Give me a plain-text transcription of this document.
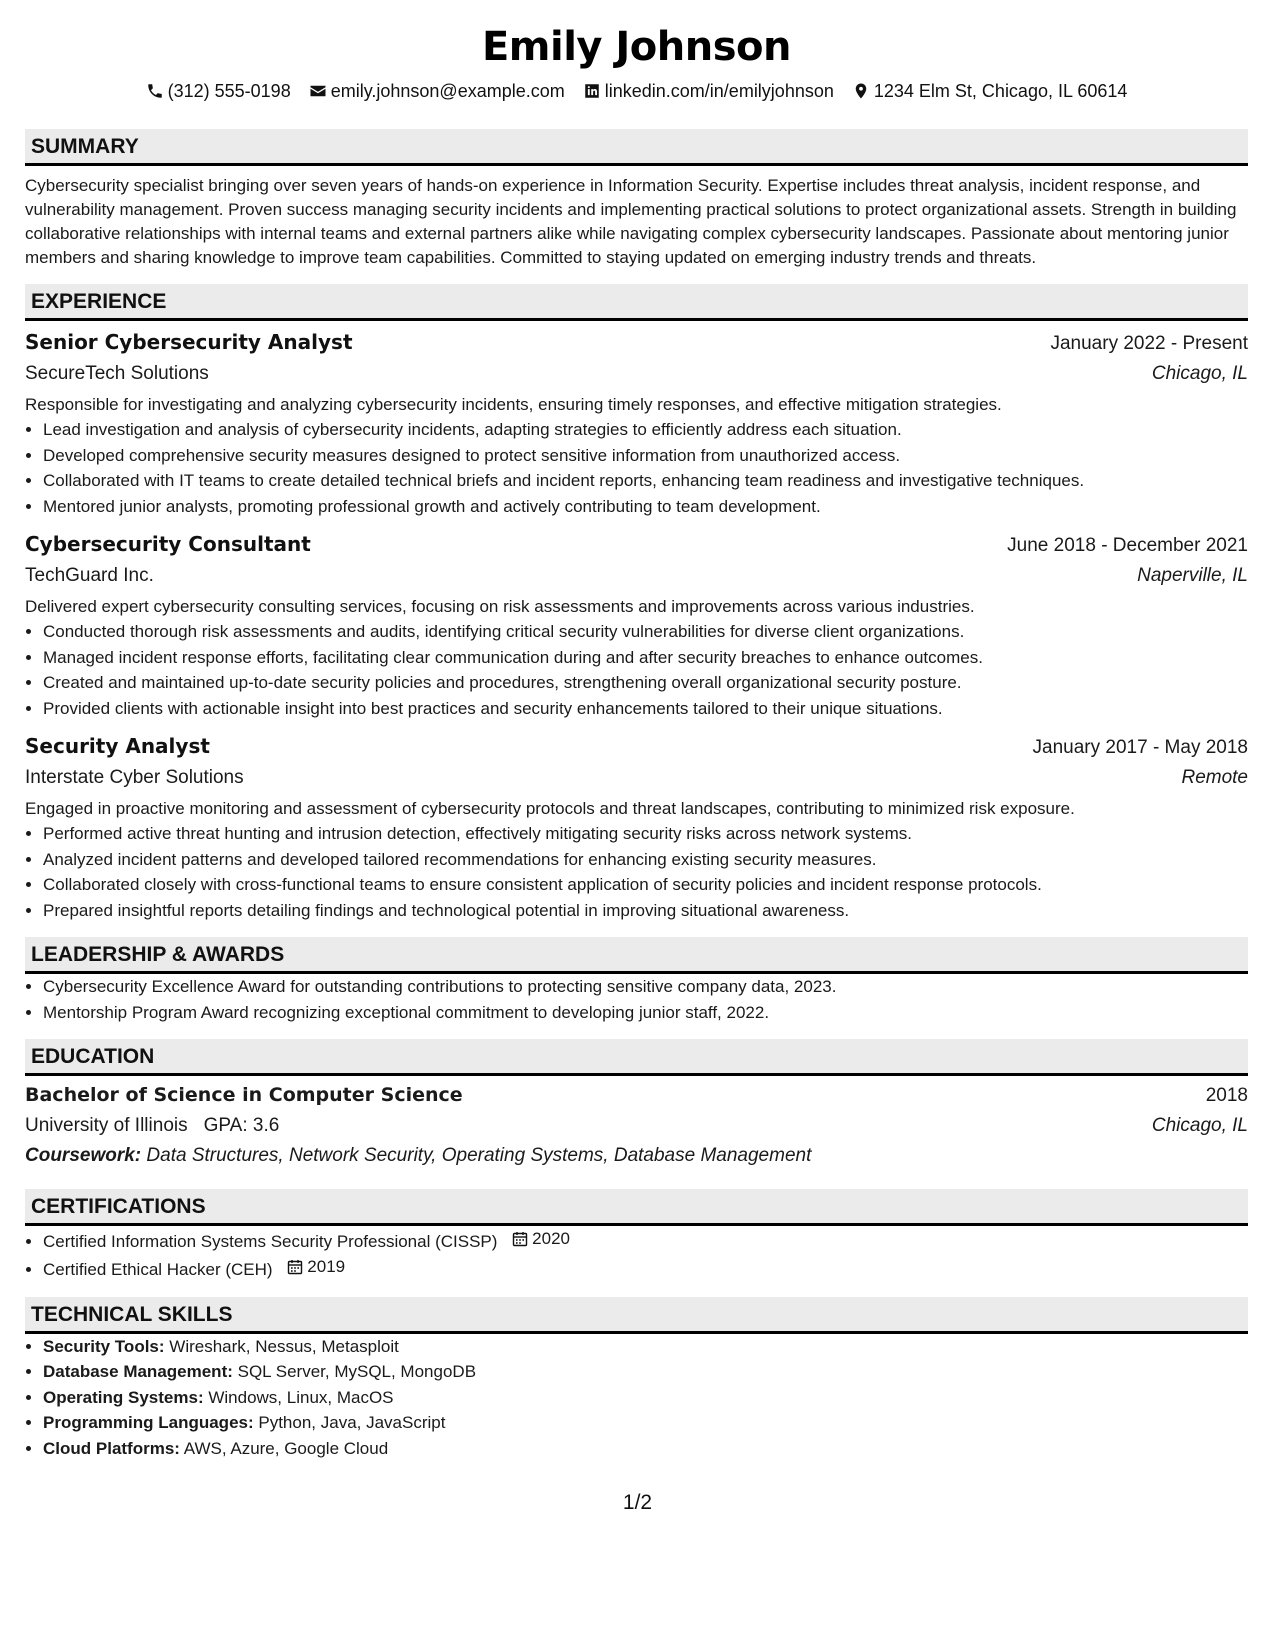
Emily Johnson
(312) 555-0198 emily.johnson@example.com linkedin.com/in/emilyjohnson 1234 Elm St, Chicago, IL 60614
SUMMARY
Cybersecurity specialist bringing over seven years of hands-on experience in Information Security. Expertise includes threat analysis, incident response, and vulnerability management. Proven success managing security incidents and implementing practical solutions to protect organizational assets. Strength in building collaborative relationships with internal teams and external partners alike while navigating complex cybersecurity landscapes. Passionate about mentoring junior members and sharing knowledge to improve team capabilities. Committed to staying updated on emerging industry trends and threats.
EXPERIENCE
Senior Cybersecurity Analyst	January 2022 - Present
SecureTech Solutions	Chicago, IL
Responsible for investigating and analyzing cybersecurity incidents, ensuring timely responses, and effective mitigation strategies.
• Lead investigation and analysis of cybersecurity incidents, adapting strategies to efficiently address each situation.
• Developed comprehensive security measures designed to protect sensitive information from unauthorized access.
• Collaborated with IT teams to create detailed technical briefs and incident reports, enhancing team readiness and investigative techniques.
• Mentored junior analysts, promoting professional growth and actively contributing to team development.
Cybersecurity Consultant	June 2018 - December 2021
TechGuard Inc.	Naperville, IL
Delivered expert cybersecurity consulting services, focusing on risk assessments and improvements across various industries.
• Conducted thorough risk assessments and audits, identifying critical security vulnerabilities for diverse client organizations.
• Managed incident response efforts, facilitating clear communication during and after security breaches to enhance outcomes.
• Created and maintained up-to-date security policies and procedures, strengthening overall organizational security posture.
• Provided clients with actionable insight into best practices and security enhancements tailored to their unique situations.
Security Analyst	January 2017 - May 2018
Interstate Cyber Solutions	Remote
Engaged in proactive monitoring and assessment of cybersecurity protocols and threat landscapes, contributing to minimized risk exposure.
• Performed active threat hunting and intrusion detection, effectively mitigating security risks across network systems.
• Analyzed incident patterns and developed tailored recommendations for enhancing existing security measures.
• Collaborated closely with cross-functional teams to ensure consistent application of security policies and incident response protocols.
• Prepared insightful reports detailing findings and technological potential in improving situational awareness.
LEADERSHIP & AWARDS
• Cybersecurity Excellence Award for outstanding contributions to protecting sensitive company data, 2023.
• Mentorship Program Award recognizing exceptional commitment to developing junior staff, 2022.
EDUCATION
Bachelor of Science in Computer Science	2018
University of Illinois GPA: 3.6	Chicago, IL
Coursework: Data Structures, Network Security, Operating Systems, Database Management
CERTIFICATIONS
• Certified Information Systems Security Professional (CISSP) 2020
• Certified Ethical Hacker (CEH) 2019
TECHNICAL SKILLS
• Security Tools: Wireshark, Nessus, Metasploit
• Database Management: SQL Server, MySQL, MongoDB
• Operating Systems: Windows, Linux, MacOS
• Programming Languages: Python, Java, JavaScript
• Cloud Platforms: AWS, Azure, Google Cloud
1/2
